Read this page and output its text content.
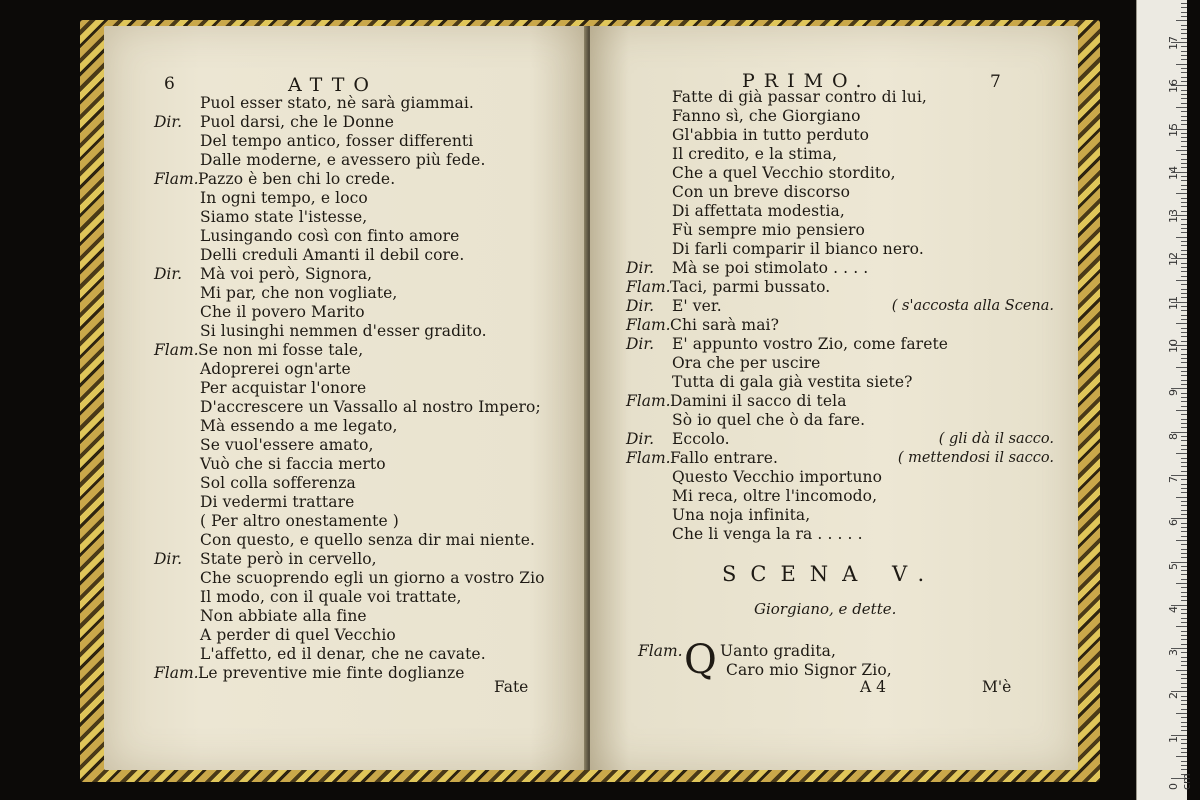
6	ATTO
Puol esser stato, nè sarà giammai.
Dir. Puol darsi, che le Donne
Del tempo antico, fosser differenti
Dalle moderne, e avessero più fede.
Flam. Pazzo è ben chi lo crede.
In ogni tempo, e loco
Siamo state l'istesse,
Lusingando così con finto amore
Delli creduli Amanti il debil core.
Dir. Mà voi però, Signora,
Mi par, che non vogliate,
Che il povero Marito
Si lusinghi nemmen d'esser gradito.
Flam. Se non mi fosse tale,
Adoprerei ogn'arte
Per acquistar l'onore
D'accrescere un Vassallo al nostro Impero;
Mà essendo a me legato,
Se vuol'essere amato,
Vuò che si faccia merto
Sol colla sofferenza
Di vedermi trattare
( Per altro onestamente )
Con questo, e quello senza dir mai niente.
Dir. State però in cervello,
Che scuoprendo egli un giorno a vostro Zio
Il modo, con il quale voi trattate,
Non abbiate alla fine
A perder di quel Vecchio
L'affetto, ed il denar, che ne cavate.
Flam. Le preventive mie finte doglianze
Fate
PRIMO.	7
Fatte di già passar contro di lui,
Fanno sì, che Giorgiano
Gl'abbia in tutto perduto
Il credito, e la stima,
Che a quel Vecchio stordito,
Con un breve discorso
Di affettata modestia,
Fù sempre mio pensiero
Di farli comparir il bianco nero.
Dir. Mà se poi stimolato . . . .
Flam. Taci, parmi bussato.
Dir. E' ver.	( s'accosta alla Scena.
Flam. Chi sarà mai?
Dir. E' appunto vostro Zio, come farete
Ora che per uscire
Tutta di gala già vestita siete?
Flam. Damini il sacco di tela
Sò io quel che ò da fare.
Dir. Eccolo.	( gli dà il sacco.
Flam. Fallo entrare.	( mettendosi il sacco.
Questo Vecchio importuno
Mi reca, oltre l'incomodo,
Una noja infinita,
Che li venga la ra . . . . .
SCENA V.
Giorgiano, e dette.
Flam. Q Uanto gradita,
Caro mio Signor Zio,
A 4	M'è
17
16
15
14
13
12
11
10
9
8
7
6
5
4
3
2
1
0 cm
